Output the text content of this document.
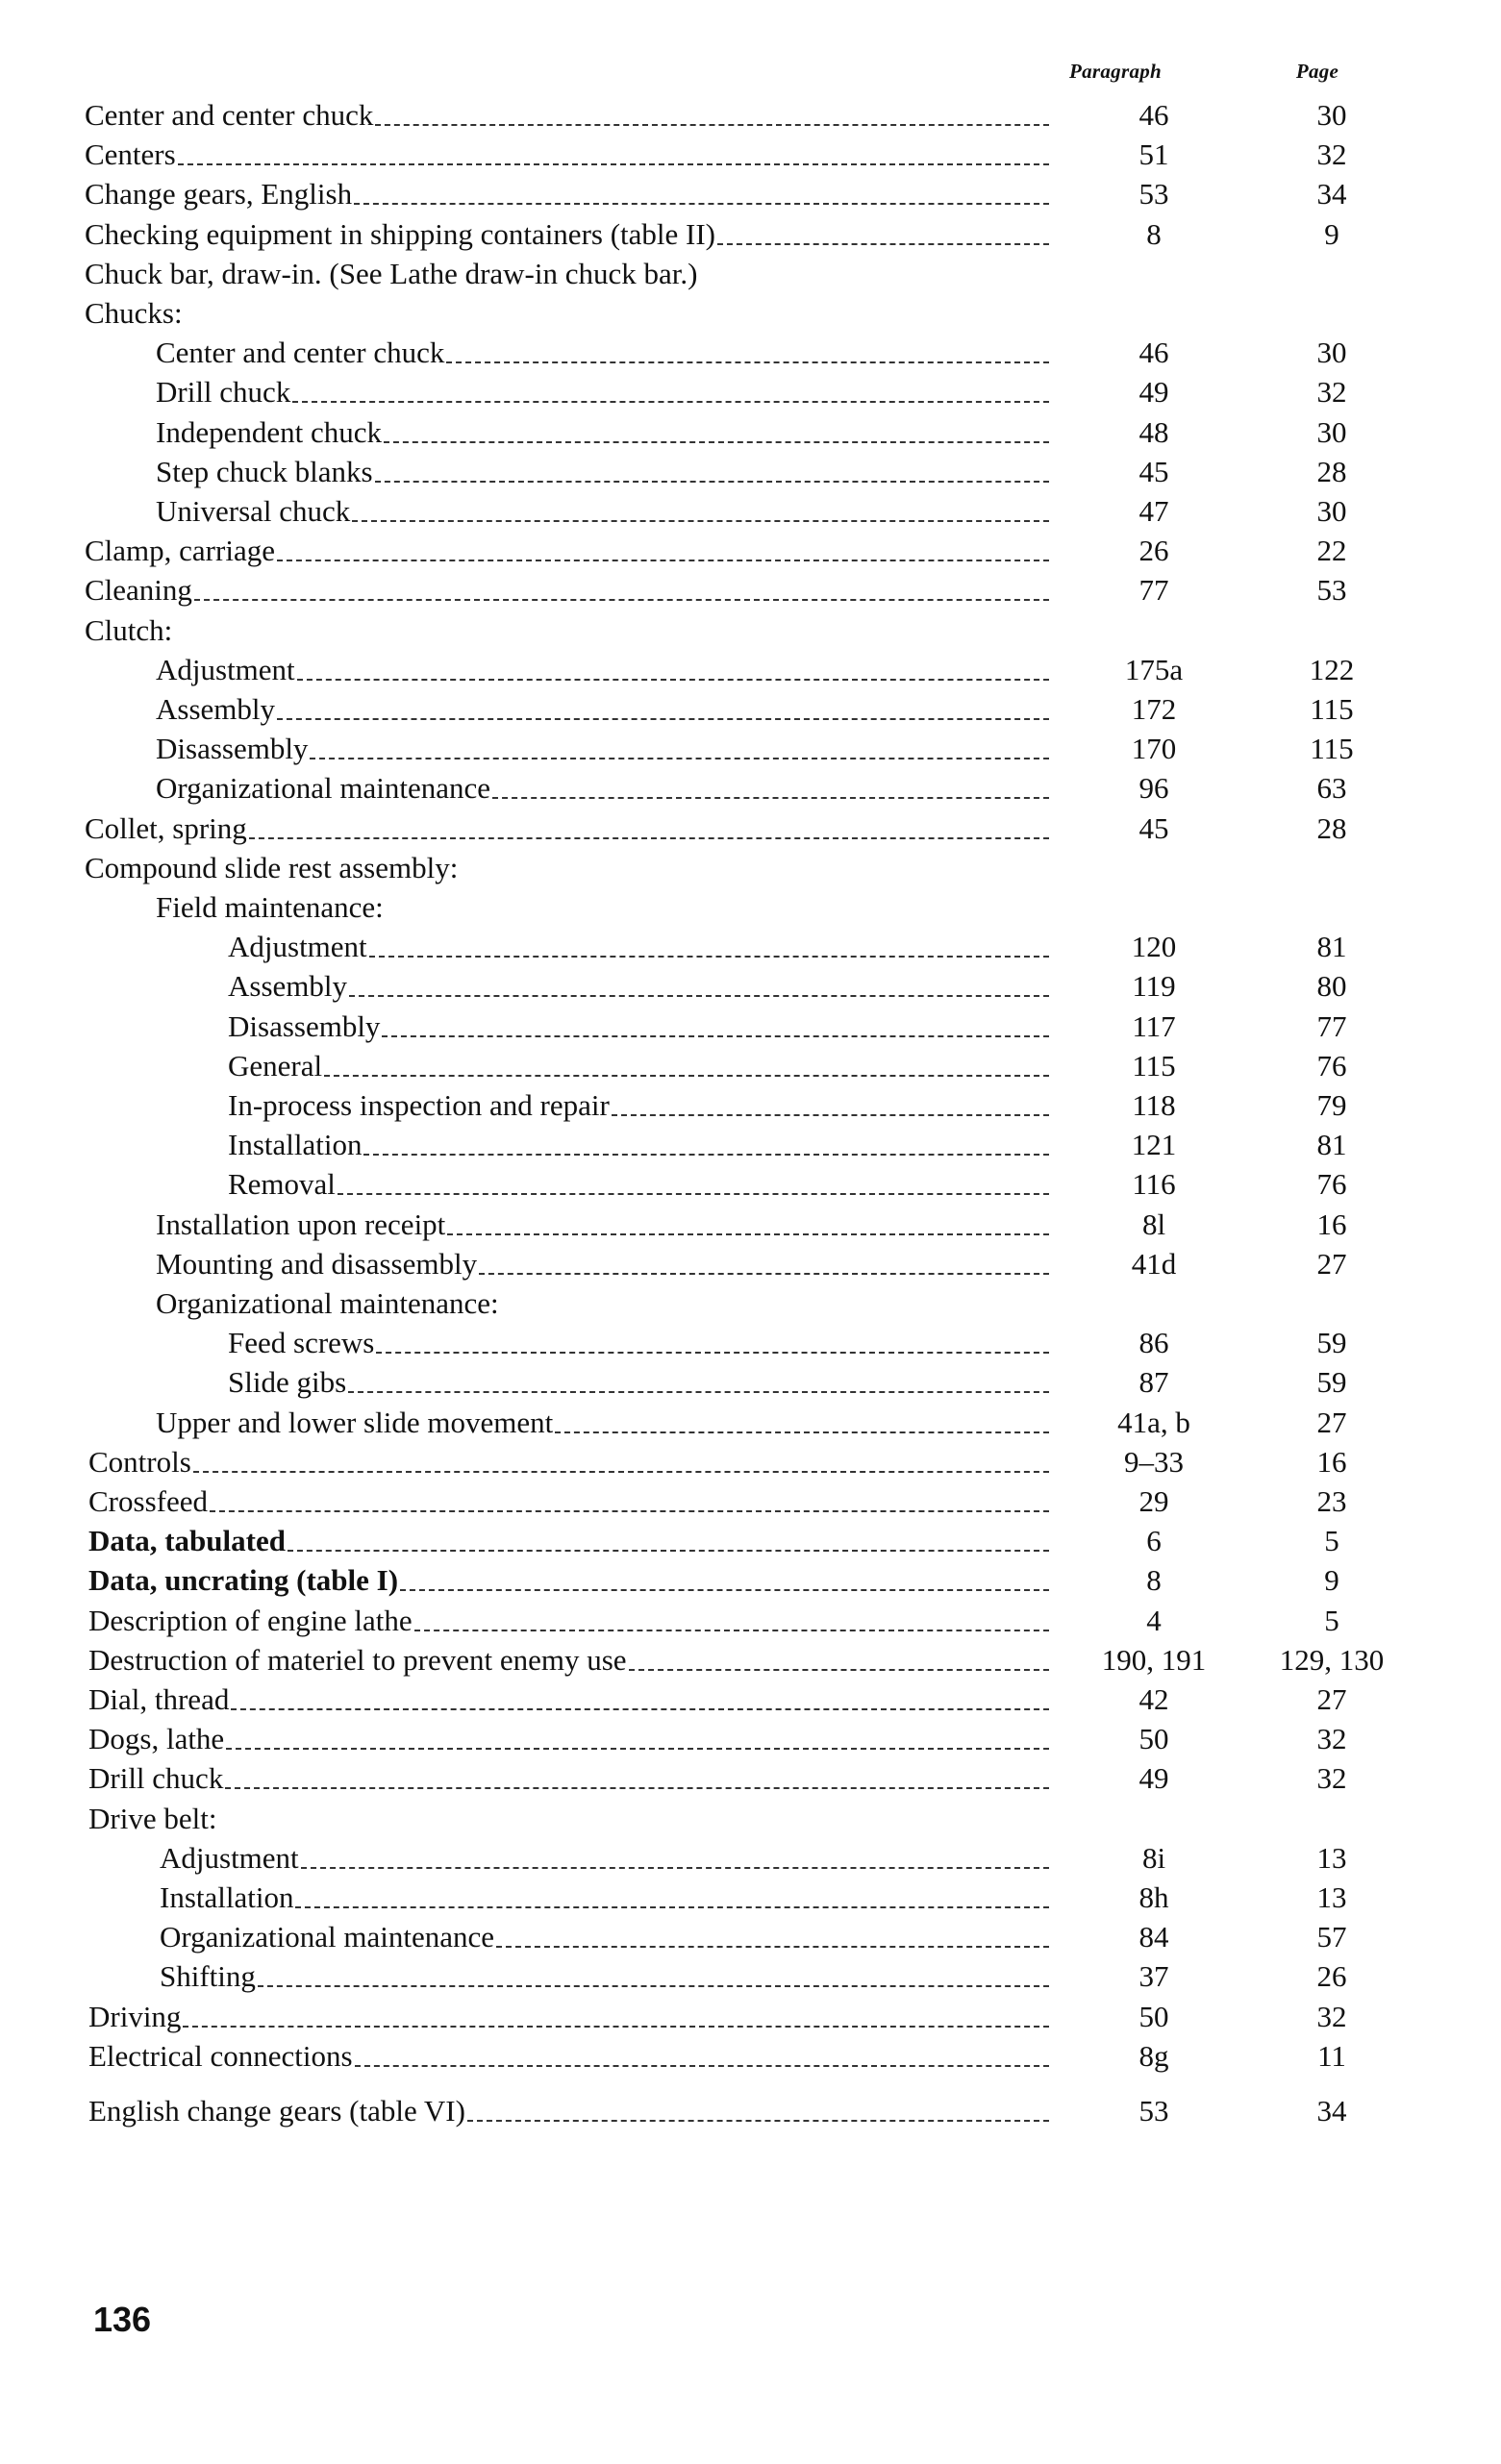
Paragraph	Page
Center and center chuck	46	30
Centers	51	32
Change gears, English	53	34
Checking equipment in shipping containers (table II)	8	9
Chuck bar, draw-in. (See Lathe draw-in chuck bar.)
Chucks:
Center and center chuck	46	30
Drill chuck	49	32
Independent chuck	48	30
Step chuck blanks	45	28
Universal chuck	47	30
Clamp, carriage	26	22
Cleaning	77	53
Clutch:
Adjustment	175a	122
Assembly	172	115
Disassembly	170	115
Organizational maintenance	96	63
Collet, spring	45	28
Compound slide rest assembly:
Field maintenance:
Adjustment	120	81
Assembly	119	80
Disassembly	117	77
General	115	76
In-process inspection and repair	118	79
Installation	121	81
Removal	116	76
Installation upon receipt	8l	16
Mounting and disassembly	41d	27
Organizational maintenance:
Feed screws	86	59
Slide gibs	87	59
Upper and lower slide movement	41a, b	27
Controls	9–33	16
Crossfeed	29	23
Data, tabulated	6	5
Data, uncrating (table I)	8	9
Description of engine lathe	4	5
Destruction of materiel to prevent enemy use	190, 191	129, 130
Dial, thread	42	27
Dogs, lathe	50	32
Drill chuck	49	32
Drive belt:
Adjustment	8i	13
Installation	8h	13
Organizational maintenance	84	57
Shifting	37	26
Driving	50	32
Electrical connections	8g	11
English change gears (table VI)	53	34
136
